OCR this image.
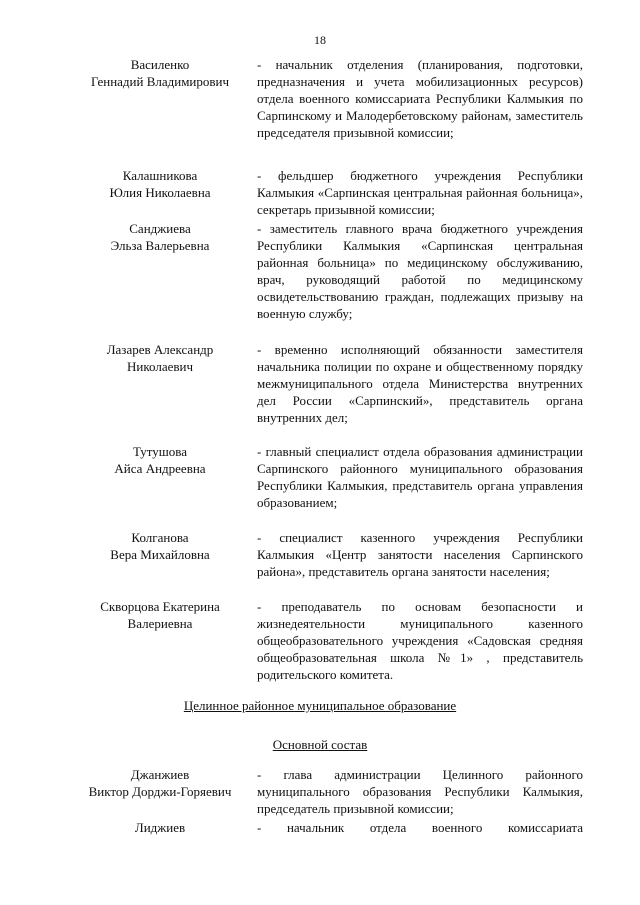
18
Василенко
Геннадий Владимирович
- начальник отделения (планирования, подготовки, предназначения и учета мобилизационных ресурсов) отдела военного комиссариата Республики Калмыкия по Сарпинскому и Малодербетовскому районам, заместитель председателя призывной комиссии;
Калашникова
Юлия Николаевна
- фельдшер бюджетного учреждения Республики Калмыкия «Сарпинская центральная районная больница», секретарь призывной комиссии;
Санджиева
Эльза Валерьевна
- заместитель главного врача бюджетного учреждения Республики Калмыкия «Сарпинская центральная районная больница» по медицинскому обслуживанию, врач, руководящий работой по медицинскому освидетельствованию граждан, подлежащих призыву на военную службу;
Лазарев Александр
Николаевич
- временно исполняющий обязанности заместителя начальника полиции по охране и общественному порядку межмуниципального отдела Министерства внутренних дел России «Сарпинский», представитель органа внутренних дел;
Тутушова
Айса Андреевна
- главный специалист отдела образования администрации Сарпинского районного муниципального образования Республики Калмыкия, представитель органа управления образованием;
Колганова
Вера Михайловна
- специалист казенного учреждения Республики Калмыкия «Центр занятости населения Сарпинского района», представитель органа занятости населения;
Скворцова Екатерина
Валериевна
- преподаватель по основам безопасности и жизнедеятельности муниципального казенного общеобразовательного учреждения «Садовская средняя общеобразовательная школа №1» , представитель родительского комитета.
Целинное районное муниципальное образование
Основной состав
Джанжиев
Виктор Дорджи-Горяевич
- глава администрации Целинного районного муниципального образования Республики Калмыкия, председатель призывной комиссии;
Лиджиев	- начальник отдела военного комиссариата
